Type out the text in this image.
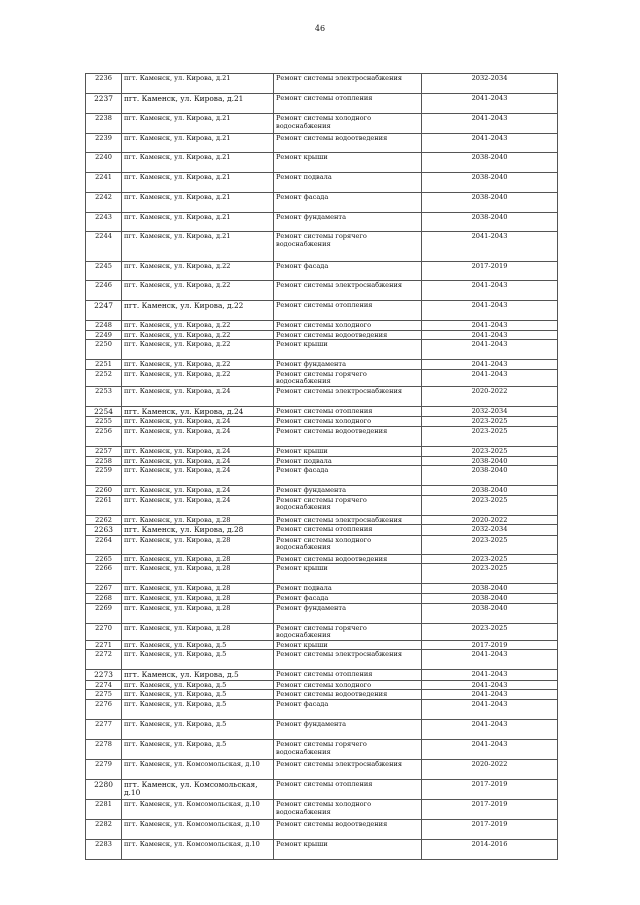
46
2236	пгт. Каменск, ул. Кирова, д.21	Ремонт системы электроснабжения	2032-2034
2237	пгт. Каменск, ул. Кирова, д.21	Ремонт системы отопления	2041-2043
2238	пгт. Каменск, ул. Кирова, д.21	Ремонт системы холодного водоснабжения	2041-2043
2239	пгт. Каменск, ул. Кирова, д.21	Ремонт системы водоотведения	2041-2043
2240	пгт. Каменск, ул. Кирова, д.21	Ремонт крыши	2038-2040
2241	пгт. Каменск, ул. Кирова, д.21	Ремонт подвала	2038-2040
2242	пгт. Каменск, ул. Кирова, д.21	Ремонт фасада	2038-2040
2243	пгт. Каменск, ул. Кирова, д.21	Ремонт фундамента	2038-2040
2244	пгт. Каменск, ул. Кирова, д.21	Ремонт системы горячего водоснабжения	2041-2043
2245	пгт. Каменск, ул. Кирова, д.22	Ремонт фасада	2017-2019
2246	пгт. Каменск, ул. Кирова, д.22	Ремонт системы электроснабжения	2041-2043
2247	пгт. Каменск, ул. Кирова, д.22	Ремонт системы отопления	2041-2043
2248	пгт. Каменск, ул. Кирова, д.22	Ремонт системы холодного	2041-2043
2249	пгт. Каменск, ул. Кирова, д.22	Ремонт системы водоотведения	2041-2043
2250	пгт. Каменск, ул. Кирова, д.22	Ремонт крыши	2041-2043
2251	пгт. Каменск, ул. Кирова, д.22	Ремонт фундамента	2041-2043
2252	пгт. Каменск, ул. Кирова, д.22	Ремонт системы горячего водоснабжения	2041-2043
2253	пгт. Каменск, ул. Кирова, д.24	Ремонт системы электроснабжения	2020-2022
2254	пгт. Каменск, ул. Кирова, д.24	Ремонт системы отопления	2032-2034
2255	пгт. Каменск, ул. Кирова, д.24	Ремонт системы холодного	2023-2025
2256	пгт. Каменск, ул. Кирова, д.24	Ремонт системы водоотведения	2023-2025
2257	пгт. Каменск, ул. Кирова, д.24	Ремонт крыши	2023-2025
2258	пгт. Каменск, ул. Кирова, д.24	Ремонт подвала	2038-2040
2259	пгт. Каменск, ул. Кирова, д.24	Ремонт фасада	2038-2040
2260	пгт. Каменск, ул. Кирова, д.24	Ремонт фундамента	2038-2040
2261	пгт. Каменск, ул. Кирова, д.24	Ремонт системы горячего водоснабжения	2023-2025
2262	пгт. Каменск, ул. Кирова, д.28	Ремонт системы электроснабжения	2020-2022
2263	пгт. Каменск, ул. Кирова, д.28	Ремонт системы отопления	2032-2034
2264	пгт. Каменск, ул. Кирова, д.28	Ремонт системы холодного водоснабжения	2023-2025
2265	пгт. Каменск, ул. Кирова, д.28	Ремонт системы водоотведения	2023-2025
2266	пгт. Каменск, ул. Кирова, д.28	Ремонт крыши	2023-2025
2267	пгт. Каменск, ул. Кирова, д.28	Ремонт подвала	2038-2040
2268	пгт. Каменск, ул. Кирова, д.28	Ремонт фасада	2038-2040
2269	пгт. Каменск, ул. Кирова, д.28	Ремонт фундамента	2038-2040
2270	пгт. Каменск, ул. Кирова, д.28	Ремонт системы горячего водоснабжения	2023-2025
2271	пгт. Каменск, ул. Кирова, д.5	Ремонт крыши	2017-2019
2272	пгт. Каменск, ул. Кирова, д.5	Ремонт системы электроснабжения	2041-2043
2273	пгт. Каменск, ул. Кирова, д.5	Ремонт системы отопления	2041-2043
2274	пгт. Каменск, ул. Кирова, д.5	Ремонт системы холодного	2041-2043
2275	пгт. Каменск, ул. Кирова, д.5	Ремонт системы водоотведения	2041-2043
2276	пгт. Каменск, ул. Кирова, д.5	Ремонт фасада	2041-2043
2277	пгт. Каменск, ул. Кирова, д.5	Ремонт фундамента	2041-2043
2278	пгт. Каменск, ул. Кирова, д.5	Ремонт системы горячего водоснабжения	2041-2043
2279	пгт. Каменск, ул. Комсомольская, д.10	Ремонт системы электроснабжения	2020-2022
2280	пгт. Каменск, ул. Комсомольская, д.10	Ремонт системы отопления	2017-2019
2281	пгт. Каменск, ул. Комсомольская, д.10	Ремонт системы холодного водоснабжения	2017-2019
2282	пгт. Каменск, ул. Комсомольская, д.10	Ремонт системы водоотведения	2017-2019
2283	пгт. Каменск, ул. Комсомольская, д.10	Ремонт крыши	2014-2016
